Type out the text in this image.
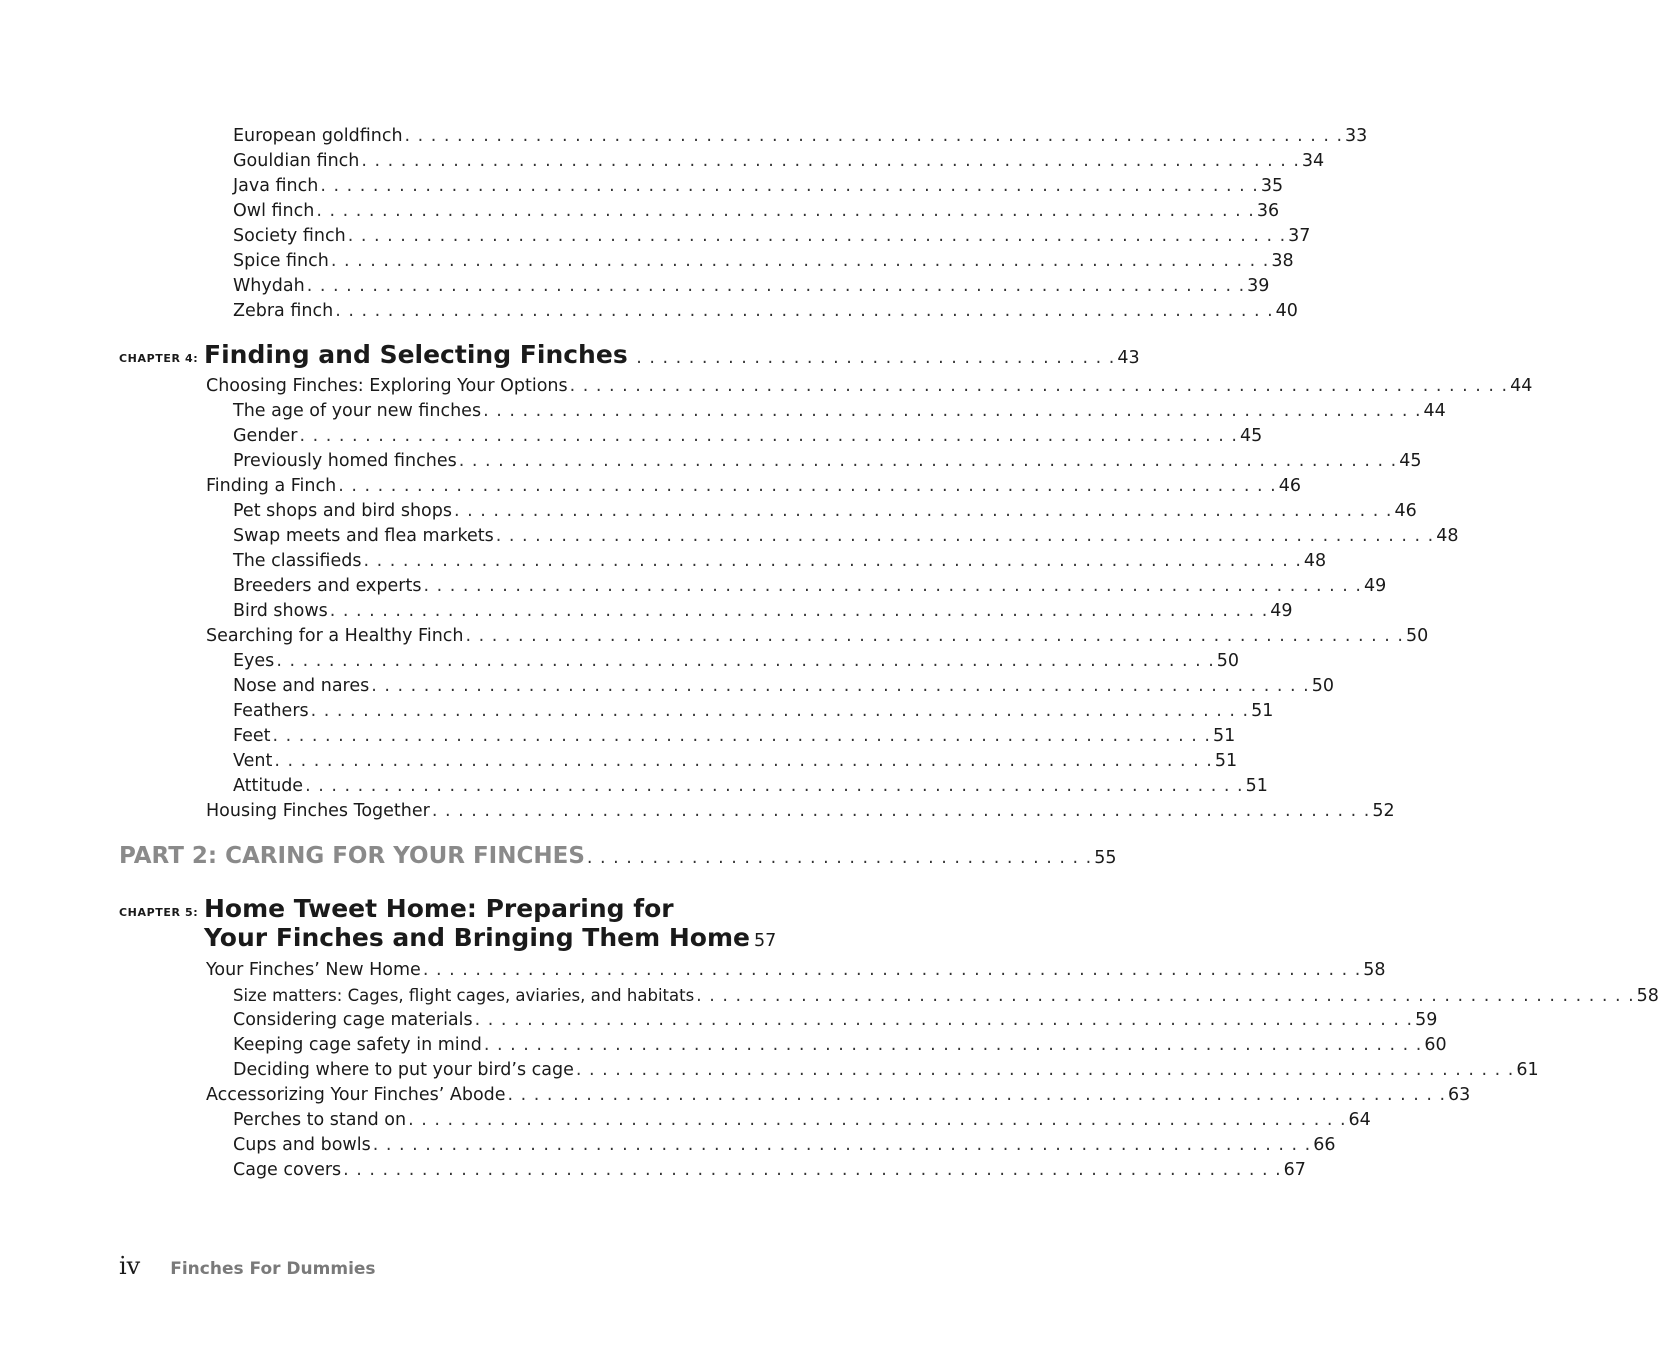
European goldfinch . . . . . . . . . . . . . . . . . . . . . . . . . . . . . . . . . . . . . . . . . . . . . . . . . . . . . . . . . . . . . . . . . . . . . . . . 33
Gouldian finch . . . . . . . . . . . . . . . . . . . . . . . . . . . . . . . . . . . . . . . . . . . . . . . . . . . . . . . . . . . . . . . . . . . . . . . . 34
Java finch . . . . . . . . . . . . . . . . . . . . . . . . . . . . . . . . . . . . . . . . . . . . . . . . . . . . . . . . . . . . . . . . . . . . . . . . 35
Owl finch . . . . . . . . . . . . . . . . . . . . . . . . . . . . . . . . . . . . . . . . . . . . . . . . . . . . . . . . . . . . . . . . . . . . . . . . 36
Society finch . . . . . . . . . . . . . . . . . . . . . . . . . . . . . . . . . . . . . . . . . . . . . . . . . . . . . . . . . . . . . . . . . . . . . . . . 37
Spice finch . . . . . . . . . . . . . . . . . . . . . . . . . . . . . . . . . . . . . . . . . . . . . . . . . . . . . . . . . . . . . . . . . . . . . . . . 38
Whydah . . . . . . . . . . . . . . . . . . . . . . . . . . . . . . . . . . . . . . . . . . . . . . . . . . . . . . . . . . . . . . . . . . . . . . . . 39
Zebra finch . . . . . . . . . . . . . . . . . . . . . . . . . . . . . . . . . . . . . . . . . . . . . . . . . . . . . . . . . . . . . . . . . . . . . . . . 40
CHAPTER 4: Finding and Selecting Finches . . . . . . . . . . . . . . . . . . . . . . . . . . . . . . . . . . . . . 43
Choosing Finches: Exploring Your Options . . . . . . . . . . . . . . . . . . . . . . . . . . . . . . . . . . . . . . . . . . . . . . . . . . . . . . . . . . . . . . . . . . . . . . . . 44
The age of your new finches . . . . . . . . . . . . . . . . . . . . . . . . . . . . . . . . . . . . . . . . . . . . . . . . . . . . . . . . . . . . . . . . . . . . . . . . 44
Gender . . . . . . . . . . . . . . . . . . . . . . . . . . . . . . . . . . . . . . . . . . . . . . . . . . . . . . . . . . . . . . . . . . . . . . . . 45
Previously homed finches . . . . . . . . . . . . . . . . . . . . . . . . . . . . . . . . . . . . . . . . . . . . . . . . . . . . . . . . . . . . . . . . . . . . . . . . 45
Finding a Finch . . . . . . . . . . . . . . . . . . . . . . . . . . . . . . . . . . . . . . . . . . . . . . . . . . . . . . . . . . . . . . . . . . . . . . . . 46
Pet shops and bird shops . . . . . . . . . . . . . . . . . . . . . . . . . . . . . . . . . . . . . . . . . . . . . . . . . . . . . . . . . . . . . . . . . . . . . . . . 46
Swap meets and flea markets . . . . . . . . . . . . . . . . . . . . . . . . . . . . . . . . . . . . . . . . . . . . . . . . . . . . . . . . . . . . . . . . . . . . . . . . 48
The classifieds . . . . . . . . . . . . . . . . . . . . . . . . . . . . . . . . . . . . . . . . . . . . . . . . . . . . . . . . . . . . . . . . . . . . . . . . 48
Breeders and experts . . . . . . . . . . . . . . . . . . . . . . . . . . . . . . . . . . . . . . . . . . . . . . . . . . . . . . . . . . . . . . . . . . . . . . . . 49
Bird shows . . . . . . . . . . . . . . . . . . . . . . . . . . . . . . . . . . . . . . . . . . . . . . . . . . . . . . . . . . . . . . . . . . . . . . . . 49
Searching for a Healthy Finch . . . . . . . . . . . . . . . . . . . . . . . . . . . . . . . . . . . . . . . . . . . . . . . . . . . . . . . . . . . . . . . . . . . . . . . . 50
Eyes . . . . . . . . . . . . . . . . . . . . . . . . . . . . . . . . . . . . . . . . . . . . . . . . . . . . . . . . . . . . . . . . . . . . . . . . 50
Nose and nares . . . . . . . . . . . . . . . . . . . . . . . . . . . . . . . . . . . . . . . . . . . . . . . . . . . . . . . . . . . . . . . . . . . . . . . . 50
Feathers . . . . . . . . . . . . . . . . . . . . . . . . . . . . . . . . . . . . . . . . . . . . . . . . . . . . . . . . . . . . . . . . . . . . . . . . 51
Feet . . . . . . . . . . . . . . . . . . . . . . . . . . . . . . . . . . . . . . . . . . . . . . . . . . . . . . . . . . . . . . . . . . . . . . . . 51
Vent . . . . . . . . . . . . . . . . . . . . . . . . . . . . . . . . . . . . . . . . . . . . . . . . . . . . . . . . . . . . . . . . . . . . . . . . 51
Attitude . . . . . . . . . . . . . . . . . . . . . . . . . . . . . . . . . . . . . . . . . . . . . . . . . . . . . . . . . . . . . . . . . . . . . . . . 51
Housing Finches Together . . . . . . . . . . . . . . . . . . . . . . . . . . . . . . . . . . . . . . . . . . . . . . . . . . . . . . . . . . . . . . . . . . . . . . . . 52
PART 2: CARING FOR YOUR FINCHES . . . . . . . . . . . . . . . . . . . . . . . . . . . . . . . . . . . . . . . 55
CHAPTER 5: Home Tweet Home: Preparing for
Your Finches and Bringing Them Home 57
Your Finches’ New Home . . . . . . . . . . . . . . . . . . . . . . . . . . . . . . . . . . . . . . . . . . . . . . . . . . . . . . . . . . . . . . . . . . . . . . . . 58
Size matters: Cages, flight cages, aviaries, and habitats . . . . . . . . . . . . . . . . . . . . . . . . . . . . . . . . . . . . . . . . . . . . . . . . . . . . . . . . . . . . . . . . . . . . . . . . 58
Considering cage materials . . . . . . . . . . . . . . . . . . . . . . . . . . . . . . . . . . . . . . . . . . . . . . . . . . . . . . . . . . . . . . . . . . . . . . . . 59
Keeping cage safety in mind . . . . . . . . . . . . . . . . . . . . . . . . . . . . . . . . . . . . . . . . . . . . . . . . . . . . . . . . . . . . . . . . . . . . . . . . 60
Deciding where to put your bird’s cage . . . . . . . . . . . . . . . . . . . . . . . . . . . . . . . . . . . . . . . . . . . . . . . . . . . . . . . . . . . . . . . . . . . . . . . . 61
Accessorizing Your Finches’ Abode . . . . . . . . . . . . . . . . . . . . . . . . . . . . . . . . . . . . . . . . . . . . . . . . . . . . . . . . . . . . . . . . . . . . . . . . 63
Perches to stand on . . . . . . . . . . . . . . . . . . . . . . . . . . . . . . . . . . . . . . . . . . . . . . . . . . . . . . . . . . . . . . . . . . . . . . . . 64
Cups and bowls . . . . . . . . . . . . . . . . . . . . . . . . . . . . . . . . . . . . . . . . . . . . . . . . . . . . . . . . . . . . . . . . . . . . . . . . 66
Cage covers . . . . . . . . . . . . . . . . . . . . . . . . . . . . . . . . . . . . . . . . . . . . . . . . . . . . . . . . . . . . . . . . . . . . . . . . 67
iv Finches For Dummies
